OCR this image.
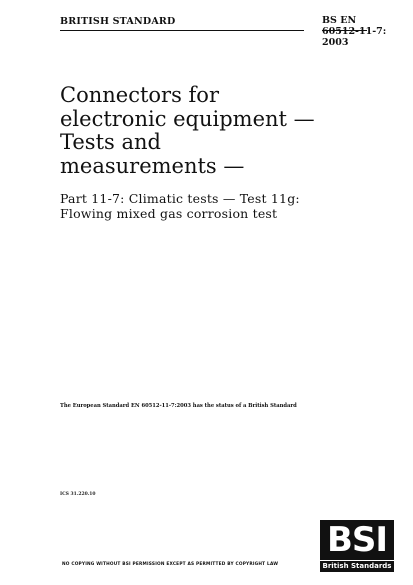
BRITISH STANDARD	BS EN
60512-11-7:
2003
Connectors for
electronic equipment —
Tests and
measurements —
Part 11-7: Climatic tests — Test 11g:
Flowing mixed gas corrosion test
The European Standard EN 60512-11-7:2003 has the status of a British Standard
ICS 31.220.10
BSI
British Standards
NO COPYING WITHOUT BSI PERMISSION EXCEPT AS PERMITTED BY COPYRIGHT LAW
